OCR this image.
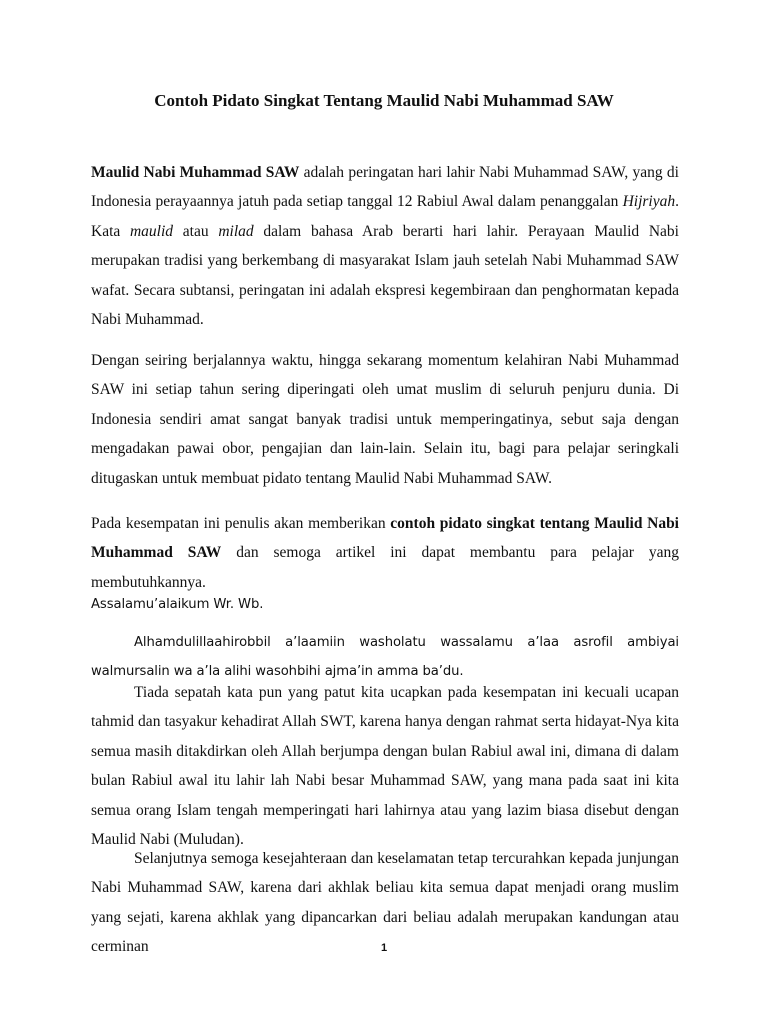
Contoh Pidato Singkat Tentang Maulid Nabi Muhammad SAW

Maulid Nabi Muhammad SAW adalah peringatan hari lahir Nabi Muhammad SAW, yang di Indonesia perayaannya jatuh pada setiap tanggal 12 Rabiul Awal dalam penanggalan Hijriyah. Kata maulid atau milad dalam bahasa Arab berarti hari lahir. Perayaan Maulid Nabi merupakan tradisi yang berkembang di masyarakat Islam jauh setelah Nabi Muhammad SAW wafat. Secara subtansi, peringatan ini adalah ekspresi kegembiraan dan penghormatan kepada Nabi Muhammad.

Dengan seiring berjalannya waktu, hingga sekarang momentum kelahiran Nabi Muhammad SAW ini setiap tahun sering diperingati oleh umat muslim di seluruh penjuru dunia. Di Indonesia sendiri amat sangat banyak tradisi untuk memperingatinya, sebut saja dengan mengadakan pawai obor, pengajian dan lain-lain. Selain itu, bagi para pelajar seringkali ditugaskan untuk membuat pidato tentang Maulid Nabi Muhammad SAW.

Pada kesempatan ini penulis akan memberikan contoh pidato singkat tentang Maulid Nabi Muhammad SAW dan semoga artikel ini dapat membantu para pelajar yang membutuhkannya.

Assalamu’alaikum Wr. Wb.

Alhamdulillaahirobbil a’laamiin washolatu wassalamu a’laa asrofil ambiyai walmursalin wa a’la alihi wasohbihi ajma’in amma ba’du.

Tiada sepatah kata pun yang patut kita ucapkan pada kesempatan ini kecuali ucapan tahmid dan tasyakur kehadirat Allah SWT, karena hanya dengan rahmat serta hidayat-Nya kita semua masih ditakdirkan oleh Allah berjumpa dengan bulan Rabiul awal ini, dimana di dalam bulan Rabiul awal itu lahir lah Nabi besar Muhammad SAW, yang mana pada saat ini kita semua orang Islam tengah memperingati hari lahirnya atau yang lazim biasa disebut dengan Maulid Nabi (Muludan).

Selanjutnya semoga kesejahteraan dan keselamatan tetap tercurahkan kepada junjungan Nabi Muhammad SAW, karena dari akhlak beliau kita semua dapat menjadi orang muslim yang sejati, karena akhlak yang dipancarkan dari beliau adalah merupakan kandungan atau cerminan	1
